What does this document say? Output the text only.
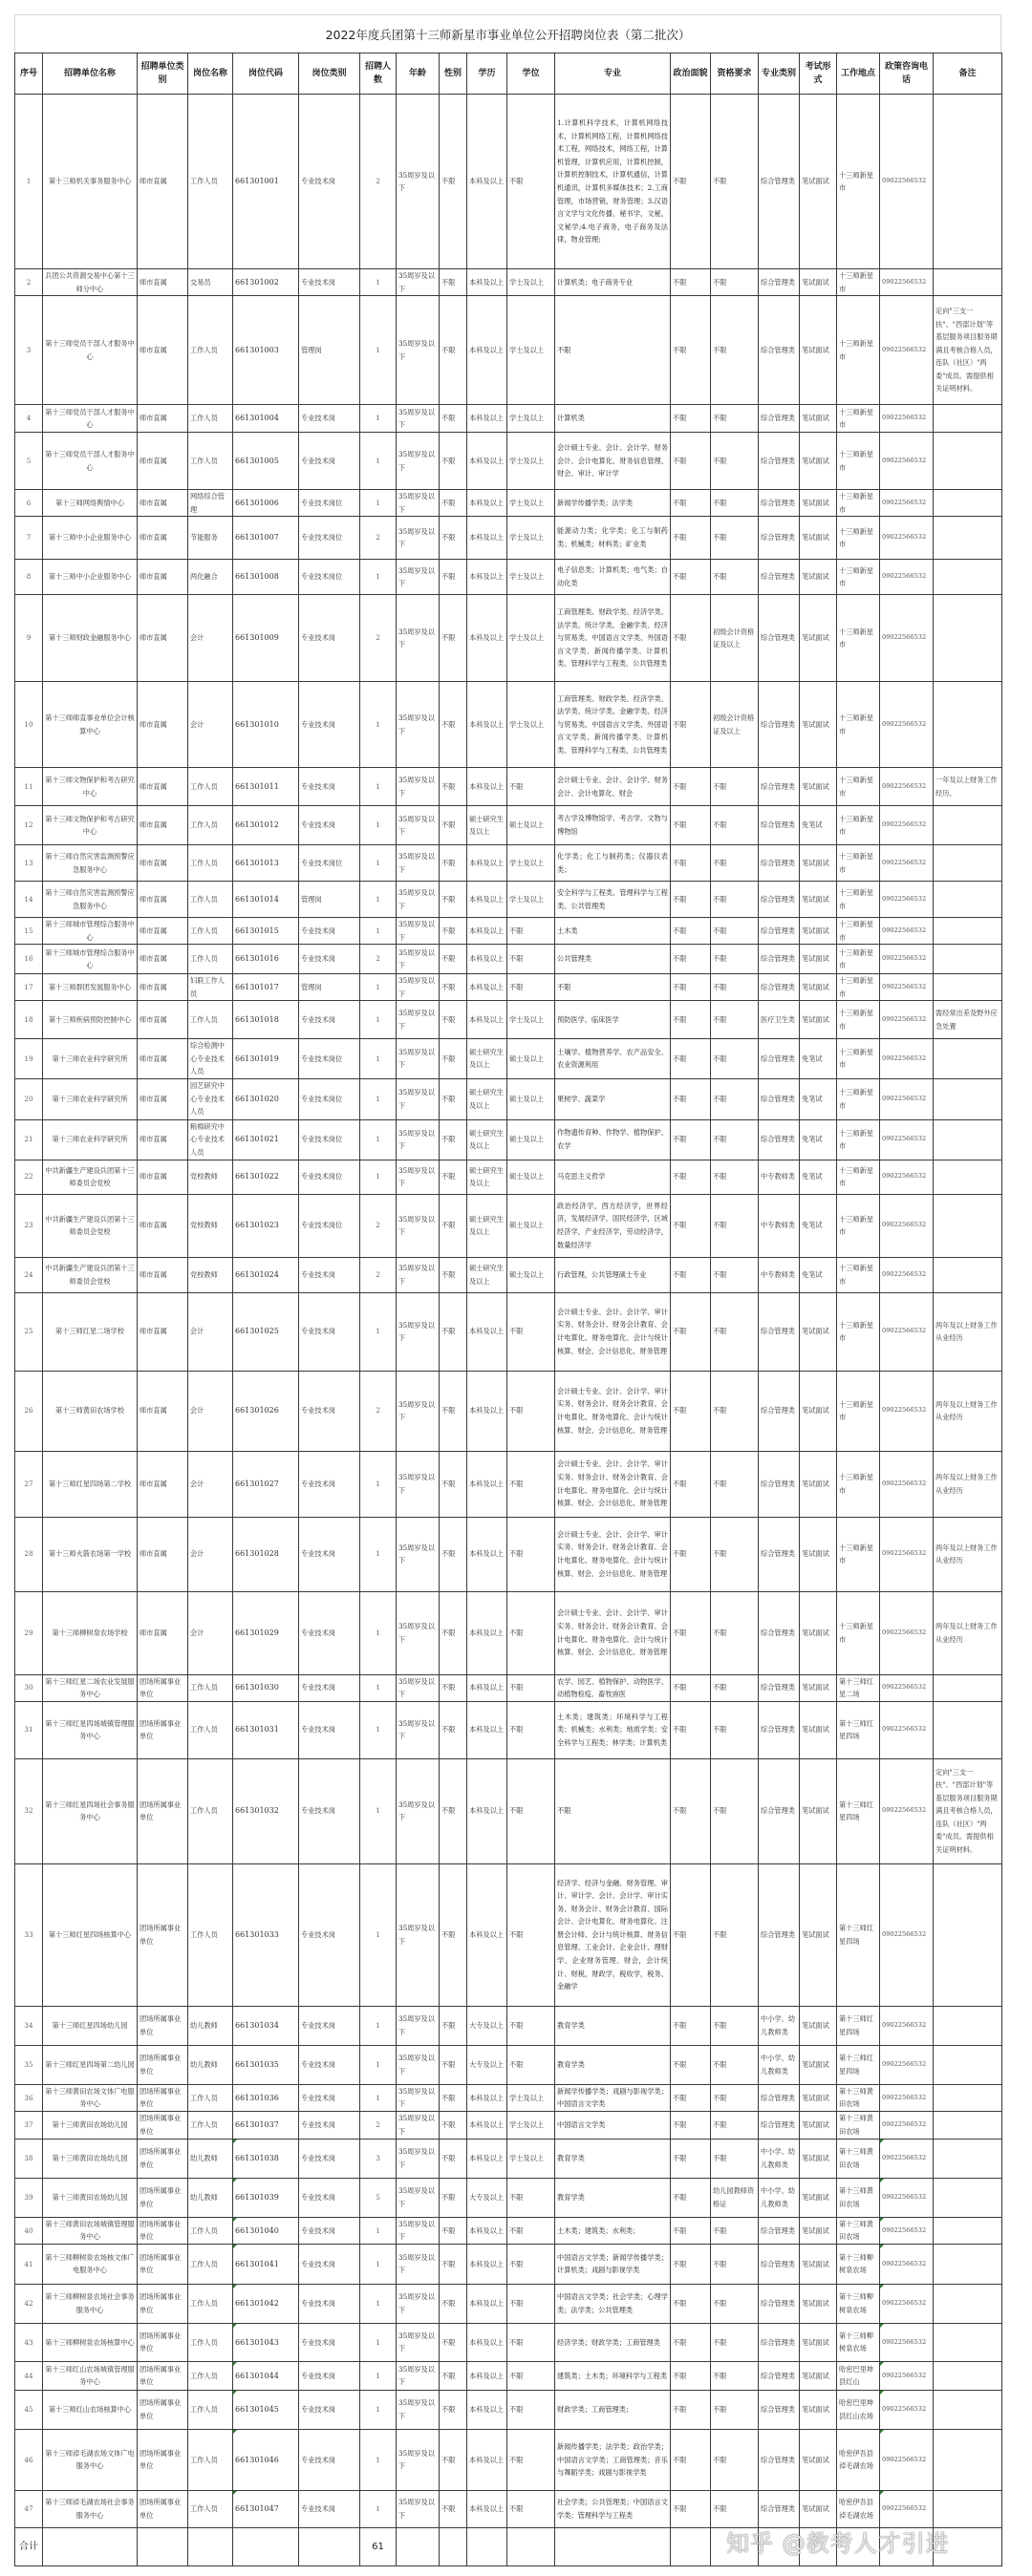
2022年度兵团第十三师新星市事业单位公开招聘岗位表（第二批次）
序号	招聘单位名称	招聘单位类别	岗位名称	岗位代码	岗位类别	招聘人数	年龄	性别	学历	学位	专业	政治面貌	资格要求	专业类别	考试形式	工作地点	政策咨询电话	备注
1	第十三师机关事务服务中心	师市直属	工作人员	661301001	专业技术岗	2	35周岁及以下	不限	本科及以上	不限	1.计算机科学技术，计算机网络技术，计算机网络工程，计算机网络技术工程，网络技术，网络工程，计算机管理，计算机应用，计算机控制，计算机控制技术，计算机通信，计算机通讯，计算机多媒体技术；2.工商管理，市场营销，财务管理；3.汉语言文学与文化传播，秘书学，文秘，文秘学;4.电子商务，电子商务及法律，物业管理;	不限	不限	综合管理类	笔试面试	十三师新星市	09022566532	
2	兵团公共资源交易中心第十三师分中心	师市直属	交易员	661301002	专业技术岗	1	35周岁及以下	不限	本科及以上	学士及以上	计算机类；电子商务专业	不限	不限	综合管理类	笔试面试	十三师新星市	09022566532	
3	第十三师党员干部人才服务中心	师市直属	工作人员	661301003	管理岗	1	35周岁及以下	不限	本科及以上	学士及以上	不限	不限	不限	综合管理类	笔试面试	十三师新星市	09022566532	定向"三支一扶"、"西部计划"等基层服务项目服务期满且考核合格人员，连队（社区）"两委"成员。需提供相关证明材料。
4	第十三师党员干部人才服务中心	师市直属	工作人员	661301004	专业技术岗	1	35周岁及以下	不限	本科及以上	学士及以上	计算机类	不限	不限	综合管理类	笔试面试	十三师新星市	09022566532	
5	第十三师党员干部人才服务中心	师市直属	工作人员	661301005	专业技术岗	1	35周岁及以下	不限	本科及以上	学士及以上	会计硕士专业、会计、会计学、财务会计、会计电算化、财务信息管理、财会、审计、审计学	不限	不限	综合管理类	笔试面试	十三师新星市	09022566532	
6	第十三师网络舆情中心	师市直属	网络综合管理	661301006	专业技术岗位	1	35周岁及以下	不限	本科及以上	学士及以上	新闻学传播学类；法学类	不限	不限	综合管理类	笔试面试	十三师新星市	09022566532	
7	第十三师中小企业服务中心	师市直属	节能服务	661301007	专业技术岗位	2	35周岁及以下	不限	本科及以上	学士及以上	能源动力类；化学类；化工与制药类；机械类；材料类；矿业类	不限	不限	综合管理类	笔试面试	十三师新星市	09022566532	
8	第十三师中小企业服务中心	师市直属	两化融合	661301008	专业技术岗位	1	35周岁及以下	不限	本科及以上	学士及以上	电子信息类；计算机类；电气类；自动化类	不限	不限	综合管理类	笔试面试	十三师新星市	09022566532	
9	第十三师财政金融服务中心	师市直属	会计	661301009	专业技术岗	2	35周岁及以下	不限	本科及以上	学士及以上	工商管理类、财政学类、经济学类、法学类、统计学类、金融学类、经济与贸易类、中国语言文学类、外国语言文学类、新闻传播学类、计算机类、管理科学与工程类、公共管理类	不限	初级会计资格证及以上	综合管理类	笔试面试	十三师新星市	09022566532	
10	第十三师师直事业单位会计核算中心	师市直属	会计	661301010	专业技术岗	1	35周岁及以下	不限	本科及以上	学士及以上	工商管理类、财政学类、经济学类、法学类、统计学类、金融学类、经济与贸易类、中国语言文学类、外国语言文学类、新闻传播学类、计算机类、管理科学与工程类、公共管理类	不限	初级会计资格证及以上	综合管理类	笔试面试	十三师新星市	09022566532	
11	第十三师文物保护和考古研究中心	师市直属	工作人员	661301011	专业技术岗	1	35周岁及以下	不限	本科及以上	不限	会计硕士专业、会计、会计学、财务会计、会计电算化、财会	不限	不限	综合管理类	笔试面试	十三师新星市	09022566532	一年及以上财务工作经历。
12	第十三师文物保护和考古研究中心	师市直属	工作人员	661301012	专业技术岗	1	35周岁及以下	不限	硕士研究生及以上	硕士及以上	考古学及博物馆学、考古学、文物与博物馆	不限	不限	综合管理类	免笔试	十三师新星市	09022566532	
13	第十三师自然灾害监测预警应急服务中心	师市直属	工作人员	661301013	专业技术岗位	1	35周岁及以下	不限	本科及以上	学士及以上	化学类；化工与制药类；仪器仪表类；	不限	不限	综合管理类	笔试面试	十三师新星市	09022566532	
14	第十三师自然灾害监测预警应急服务中心	师市直属	工作人员	661301014	管理岗	1	35周岁及以下	不限	本科及以上	学士及以上	安全科学与工程类、管理科学与工程类、公共管理类	不限	不限	综合管理类	笔试面试	十三师新星市	09022566532	
15	第十三师城市管理综合服务中心	师市直属	工作人员	661301015	专业技术岗	1	35周岁及以下	不限	本科及以上	不限	土木类	不限	不限	综合管理类	笔试面试	十三师新星市	09022566532	
16	第十三师城市管理综合服务中心	师市直属	工作人员	661301016	专业技术岗	2	35周岁及以下	不限	本科及以上	不限	公共管理类	不限	不限	综合管理类	笔试面试	十三师新星市	09022566532	
17	第十三师群团发展服务中心	师市直属	妇联工作人员	661301017	管理岗	1	35周岁及以下	不限	本科及以上	不限	不限	不限	不限	综合管理类	笔试面试	十三师新星市	09022566532	
18	第十三师疾病预防控制中心	师市直属	工作人员	661301018	专业技术岗	1	35周岁及以下	不限	本科及以上	学士及以上	预防医学、临床医学	不限	不限	医疗卫生类	笔试面试	十三师新星市	09022566532	需经常出差及野外应急处置
19	第十三师农业科学研究所	师市直属	综合检测中心专业技术人员	661301019	专业技术岗位	1	35周岁及以下	不限	硕士研究生及以上	硕士及以上	土壤学、植物营养学、农产品安全、农业资源利用	不限	不限	综合管理类	免笔试	十三师新星市	09022566532	
20	第十三师农业科学研究所	师市直属	园艺研究中心专业技术人员	661301020	专业技术岗位	1	35周岁及以下	不限	硕士研究生及以上	硕士及以上	果树学、蔬菜学	不限	不限	综合管理类	免笔试	十三师新星市	09022566532	
21	第十三师农业科学研究所	师市直属	粮棉研究中心专业技术人员	661301021	专业技术岗位	1	35周岁及以下	不限	硕士研究生及以上	硕士及以上	作物遗传育种、作物学、植物保护、农学	不限	不限	综合管理类	免笔试	十三师新星市	09022566532	
22	中共新疆生产建设兵团第十三师委员会党校	师市直属	党校教师	661301022	专业技术岗位	1	35周岁及以下	不限	硕士研究生及以上	硕士及以上	马克思主义哲学	不限	不限	中专教师类	免笔试	十三师新星市	09022566532	
23	中共新疆生产建设兵团第十三师委员会党校	师市直属	党校教师	661301023	专业技术岗位	2	35周岁及以下	不限	硕士研究生及以上	硕士及以上	政治经济学，西方经济学，世界经济，发展经济学，国民经济学，区域经济学，产业经济学，劳动经济学，数量经济学	不限	不限	中专教师类	免笔试	十三师新星市	09022566532	
24	中共新疆生产建设兵团第十三师委员会党校	师市直属	党校教师	661301024	专业技术岗	2	35周岁及以下	不限	硕士研究生及以上	硕士及以上	行政管理，公共管理硕士专业	不限	不限	中专教师类	免笔试	十三师新星市	09022566532	
25	第十三师红星二场学校	师市直属	会计	661301025	专业技术岗	1	35周岁及以下	不限	本科及以上	不限	会计硕士专业、会计、会计学、审计实务、财务会计、财务会计教育、会计电算化、财务电算化、会计与统计核算、财会、会计信息化、财务管理	不限	不限	综合管理类	笔试面试	十三师新星市	09022566532	两年及以上财务工作从业经历
26	第十三师黄田农场学校	师市直属	会计	661301026	专业技术岗	2	35周岁及以下	不限	本科及以上	不限	会计硕士专业、会计、会计学、审计实务、财务会计、财务会计教育、会计电算化、财务电算化、会计与统计核算、财会、会计信息化、财务管理	不限	不限	综合管理类	笔试面试	十三师新星市	09022566532	两年及以上财务工作从业经历
27	第十三师红星四场第二学校	师市直属	会计	661301027	专业技术岗	1	35周岁及以下	不限	本科及以上	不限	会计硕士专业、会计、会计学、审计实务、财务会计、财务会计教育、会计电算化、财务电算化、会计与统计核算、财会、会计信息化、财务管理	不限	不限	综合管理类	笔试面试	十三师新星市	09022566532	两年及以上财务工作从业经历
28	第十三师火箭农场第一学校	师市直属	会计	661301028	专业技术岗	1	35周岁及以下	不限	本科及以上	不限	会计硕士专业、会计、会计学、审计实务、财务会计、财务会计教育、会计电算化、财务电算化、会计与统计核算、财会、会计信息化、财务管理	不限	不限	综合管理类	笔试面试	十三师新星市	09022566532	两年及以上财务工作从业经历
29	第十三师柳树泉农场学校	师市直属	会计	661301029	专业技术岗	1	35周岁及以下	不限	本科及以上	不限	会计硕士专业、会计、会计学、审计实务、财务会计、财务会计教育、会计电算化、财务电算化、会计与统计核算、财会、会计信息化、财务管理	不限	不限	综合管理类	笔试面试	十三师新星市	09022566532	两年及以上财务工作从业经历
30	第十三师红星二场农业发展服务中心	团场所属事业单位	工作人员	661301030	专业技术岗	1	35周岁及以下	不限	本科及以上	不限	农学、园艺、植物保护、动物医学、动植物检疫、畜牧兽医	不限	不限	综合管理类	笔试面试	第十三师红星二场	09022566532	
31	第十三师红星四场城镇管理服务中心	团场所属事业单位	工作人员	661301031	专业技术岗	1	35周岁及以下	不限	本科及以上	不限	土木类；建筑类；环境科学与工程类；机械类；水利类；地质学类；安全科学与工程类；林学类；计算机类	不限	不限	综合管理类	笔试面试	第十三师红星四场	09022566532	
32	第十三师红星四场社会事务服务中心	团场所属事业单位	工作人员	661301032	专业技术岗	1	35周岁及以下	不限	本科及以上	不限	不限	不限	不限	综合管理类	笔试面试	第十三师红星四场	09022566532	定向"三支一扶"、"西部计划"等基层服务项目服务期满且考核合格人员，连队（社区）"两委"成员。需提供相关证明材料。
33	第十三师红星四场核算中心	团场所属事业单位	工作人员	661301033	专业技术岗	1	35周岁及以下	不限	本科及以上	不限	经济学、经济与金融、财务管理、审计、审计学、会计、会计学、审计实务、财务会计、财务会计教育、国际会计、会计电算化、财务电算化、注册会计师、会计与统计核算、财务信息管理、工业会计、企业会计、理财学、企业财务管理、财会，会计统计、财税，财政学，税收学，税务、金融学	不限	不限	综合管理类	笔试面试	第十三师红星四场	09022566532	
34	第十三师红星四场幼儿园	团场所属事业单位	幼儿教师	661301034	专业技术岗	1	35周岁及以下	不限	大专及以上	不限	教育学类	不限	不限	中小学、幼儿教师类	笔试面试	第十三师红星四场	09022566532	
35	第十三师红星四场第二幼儿园	团场所属事业单位	幼儿教师	661301035	专业技术岗	1	35周岁及以下	不限	大专及以上	不限	教育学类	不限	不限	中小学、幼儿教师类	笔试面试	第十三师红星四场	09022566532	
36	第十三师黄田农场文体广电服务中心	团场所属事业单位	工作人员	661301036	专业技术岗	1	35周岁及以下	不限	本科及以上	学士及以上	新闻学传播学类；戏剧与影视学类；中国语言文学类	不限	不限	综合管理类	笔试面试	第十三师黄田农场	09022566532	
37	第十三师黄田农场幼儿园	团场所属事业单位	工作人员	661301037	专业技术岗	2	35周岁及以下	不限	本科及以上	学士及以上	中国语言文学类	不限	不限	综合管理类	笔试面试	第十三师黄田农场	09022566532	
38	第十三师黄田农场幼儿园	团场所属事业单位	幼儿教师	661301038	专业技术岗	3	35周岁及以下	不限	本科及以上	学士及以上	教育学类	不限	不限	中小学、幼儿教师类	笔试面试	第十三师黄田农场	09022566532	
39	第十三师黄田农场幼儿园	团场所属事业单位	幼儿教师	661301039	专业技术岗	5	35周岁及以下	不限	大专及以上	不限	教育学类	不限	幼儿园教师资格证	中小学、幼儿教师类	笔试面试	第十三师黄田农场	09022566532	
40	第十三师黄田农场城镇管理服务中心	团场所属事业单位	工作人员	661301040	专业技术岗	1	35周岁及以下	不限	本科及以上	不限	土木类；建筑类；水利类；	不限	不限	综合管理类	笔试面试	第十三师黄田农场	09022566532	
41	第十三师柳树泉农场核文体广电服务中心	团场所属事业单位	工作人员	661301041	专业技术岗	1	35周岁及以下	不限	本科及以上	不限	中国语言文学类；新闻学传播学类；计算机类；戏剧与影视学类	不限	不限	综合管理类	笔试面试	第十三师柳树泉农场	09022566532	
42	第十三师柳树泉农场社会事务服务中心	团场所属事业单位	工作人员	661301042	专业技术岗	1	35周岁及以下	不限	本科及以上	不限	中国语言文学类；社会学类；心理学类；法学类；公共管理类	不限	不限	综合管理类	笔试面试	第十三师柳树泉农场	09022566532	
43	第十三师柳树泉农场核算中心	团场所属事业单位	工作人员	661301043	专业技术岗	1	35周岁及以下	不限	本科及以上	不限	经济学类；财政学类；工商管理类	不限	不限	综合管理类	笔试面试	第十三师柳树泉农场	09022566532	
44	第十三师红山农场城镇管理服务中心	团场所属事业单位	工作人员	661301044	专业技术岗	1	35周岁及以下	不限	本科及以上	不限	建筑类；土木类；环境科学与工程类	不限	不限	综合管理类	笔试面试	哈密巴里坤县红山	09022566532	
45	第十三师红山农场核算中心	团场所属事业单位	工作人员	661301045	专业技术岗	1	35周岁及以下	不限	本科及以上	不限	财政学类；工商管理类；	不限	不限	综合管理类	笔试面试	哈密巴里坤县红山农场	09022566532	
46	第十三师淖毛湖农场文体广电服务中心	团场所属事业单位	工作人员	661301046	专业技术岗	1	35周岁及以下	不限	本科及以上	不限	新闻传播学类；法学类；政治学类；中国语言文学类；工商管理类；音乐与舞蹈学类；戏剧与影视学类	不限	不限	综合管理类	笔试面试	哈密伊吾县淖毛湖农场	09022566532	
47	第十三师淖毛湖农场社会事务服务中心	团场所属事业单位	工作人员	661301047	专业技术岗	1	35周岁及以下	不限	本科及以上	不限	社会学类；公共管理类；中国语言文学类；管理科学与工程类	不限	不限	综合管理类	笔试面试	哈密伊吾县淖毛湖农场	09022566532	
合计						61													知乎 @教考人才引进
